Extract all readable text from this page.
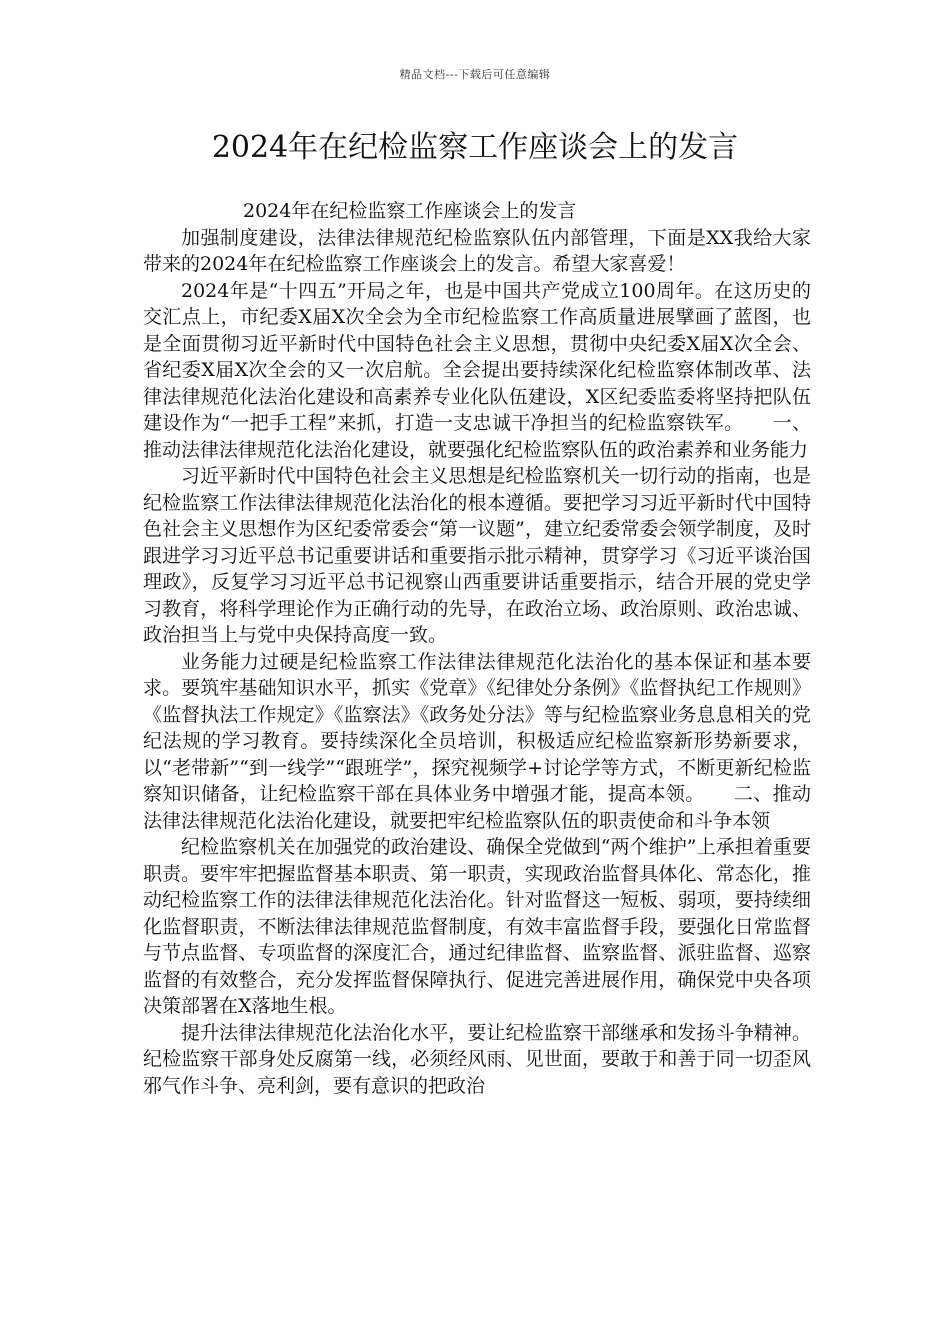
精品文档---下载后可任意编辑
2024年在纪检监察工作座谈会上的发言

2024年在纪检监察工作座谈会上的发言

加强制度建设，法律法律规范纪检监察队伍内部管理，下面是XX我给大家带来的2024年在纪检监察工作座谈会上的发言。希望大家喜爱！

2024年是“十四五”开局之年，也是中国共产党成立100周年。在这历史的交汇点上，市纪委X届X次全会为全市纪检监察工作高质量进展擘画了蓝图，也是全面贯彻习近平新时代中国特色社会主义思想，贯彻中央纪委X届X次全会、省纪委X届X次全会的又一次启航。全会提出要持续深化纪检监察体制改革、法律法律规范化法治化建设和高素养专业化队伍建设，X区纪委监委将坚持把队伍建设作为“一把手工程”来抓，打造一支忠诚干净担当的纪检监察铁军。　　一、推动法律法律规范化法治化建设，就要强化纪检监察队伍的政治素养和业务能力

习近平新时代中国特色社会主义思想是纪检监察机关一切行动的指南，也是纪检监察工作法律法律规范化法治化的根本遵循。要把学习习近平新时代中国特色社会主义思想作为区纪委常委会“第一议题”，建立纪委常委会领学制度，及时跟进学习习近平总书记重要讲话和重要指示批示精神，贯穿学习《习近平谈治国理政》，反复学习习近平总书记视察山西重要讲话重要指示，结合开展的党史学习教育，将科学理论作为正确行动的先导，在政治立场、政治原则、政治忠诚、政治担当上与党中央保持高度一致。

业务能力过硬是纪检监察工作法律法律规范化法治化的基本保证和基本要求。要筑牢基础知识水平，抓实《党章》《纪律处分条例》《监督执纪工作规则》《监督执法工作规定》《监察法》《政务处分法》等与纪检监察业务息息相关的党纪法规的学习教育。要持续深化全员培训，积极适应纪检监察新形势新要求，以“老带新”“到一线学”“跟班学”，探究视频学+讨论学等方式，不断更新纪检监察知识储备，让纪检监察干部在具体业务中增强才能，提高本领。　　二、推动法律法律规范化法治化建设，就要把牢纪检监察队伍的职责使命和斗争本领

纪检监察机关在加强党的政治建设、确保全党做到“两个维护”上承担着重要职责。要牢牢把握监督基本职责、第一职责，实现政治监督具体化、常态化，推动纪检监察工作的法律法律规范化法治化。针对监督这一短板、弱项，要持续细化监督职责，不断法律法律规范监督制度，有效丰富监督手段，要强化日常监督与节点监督、专项监督的深度汇合，通过纪律监督、监察监督、派驻监督、巡察监督的有效整合，充分发挥监督保障执行、促进完善进展作用，确保党中央各项决策部署在X落地生根。

提升法律法律规范化法治化水平，要让纪检监察干部继承和发扬斗争精神。纪检监察干部身处反腐第一线，必须经风雨、见世面，要敢于和善于同一切歪风邪气作斗争、亮利剑，要有意识的把政治
